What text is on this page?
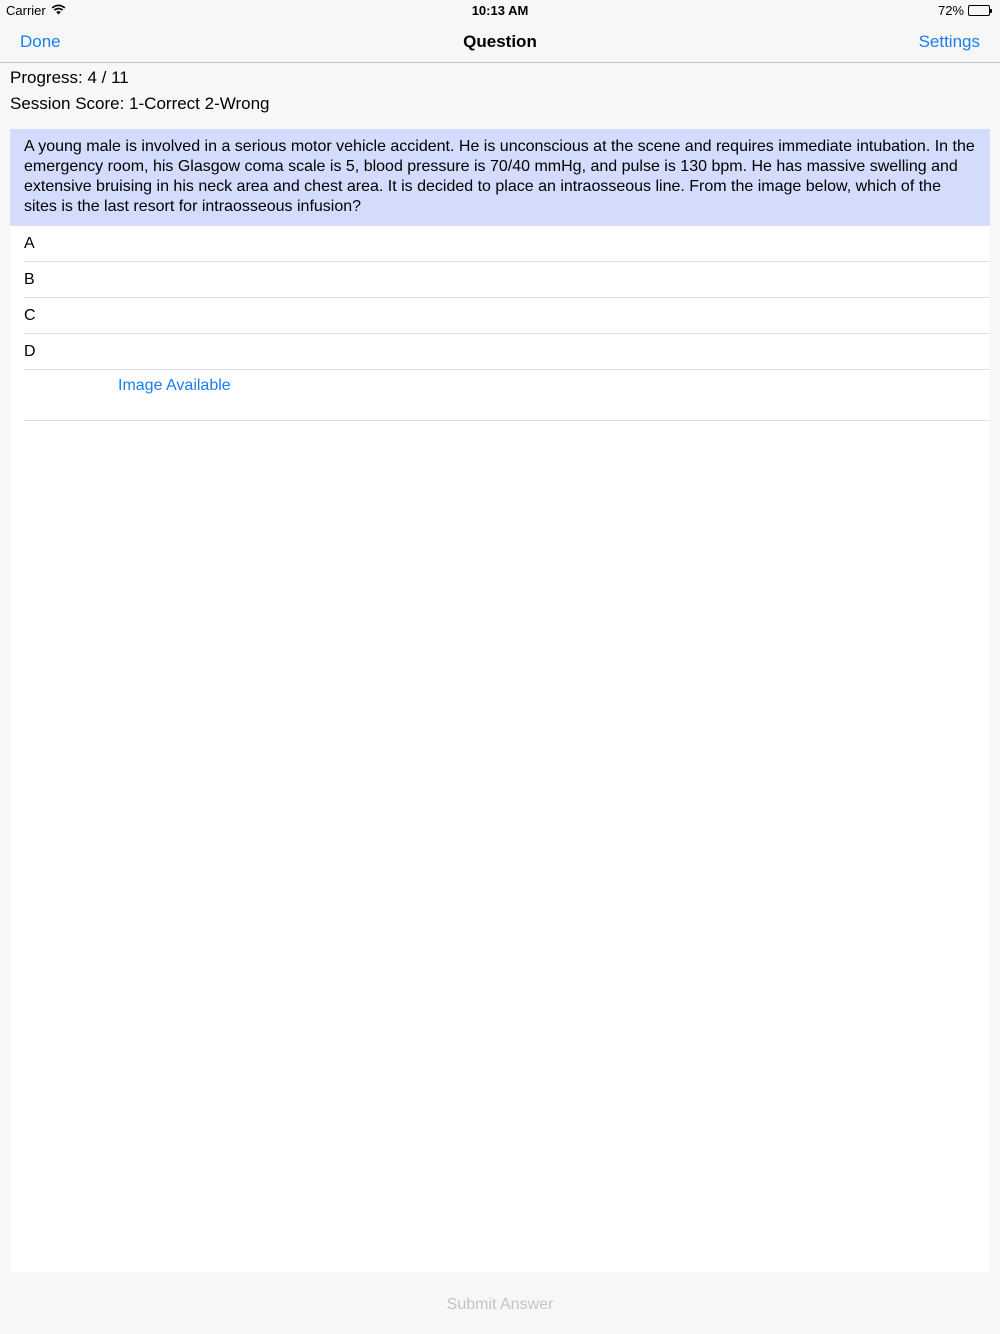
Carrier	10:13 AM	72%
Done	Question	Settings
Progress: 4 / 11
Session Score: 1-Correct 2-Wrong
A young male is involved in a serious motor vehicle accident. He is unconscious at the scene and requires immediate intubation. In the emergency room, his Glasgow coma scale is 5, blood pressure is 70/40 mmHg, and pulse is 130 bpm. He has massive swelling and extensive bruising in his neck area and chest area. It is decided to place an intraosseous line. From the image below, which of the sites is the last resort for intraosseous infusion?
A
B
C
D
Image Available
Submit Answer
